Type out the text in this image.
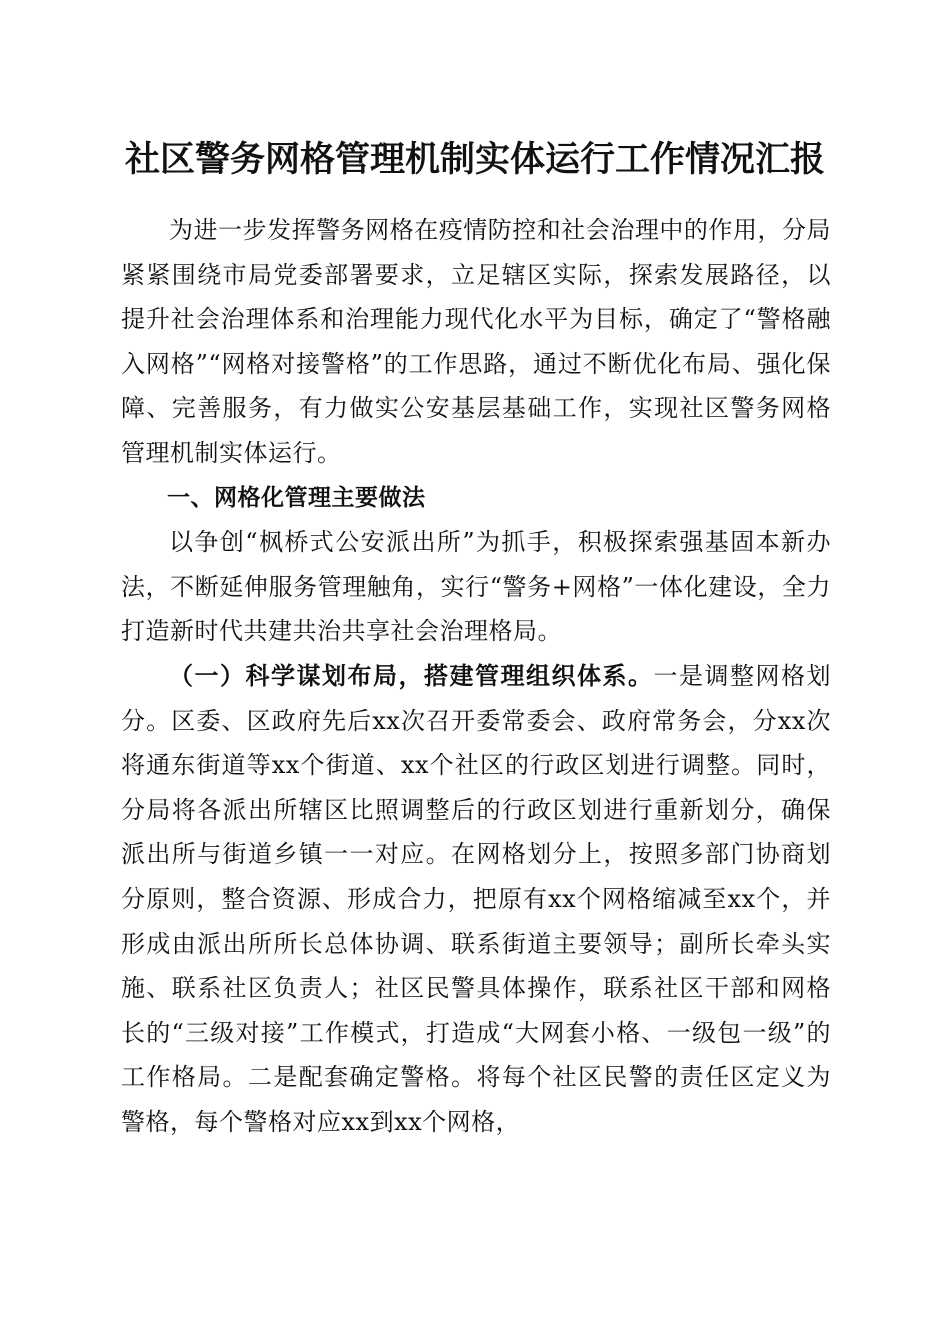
社区警务网格管理机制实体运行工作情况汇报

为进一步发挥警务网格在疫情防控和社会治理中的作用，分局紧紧围绕市局党委部署要求，立足辖区实际，探索发展路径，以提升社会治理体系和治理能力现代化水平为目标，确定了“警格融入网格”“网格对接警格”的工作思路，通过不断优化布局、强化保障、完善服务，有力做实公安基层基础工作，实现社区警务网格管理机制实体运行。

一、网格化管理主要做法

以争创“枫桥式公安派出所”为抓手，积极探索强基固本新办法，不断延伸服务管理触角，实行“警务+网格”一体化建设，全力打造新时代共建共治共享社会治理格局。

（一）科学谋划布局，搭建管理组织体系。一是调整网格划分。区委、区政府先后xx次召开委常委会、政府常务会，分xx次将通东街道等xx个街道、xx个社区的行政区划进行调整。同时，分局将各派出所辖区比照调整后的行政区划进行重新划分，确保派出所与街道乡镇一一对应。在网格划分上，按照多部门协商划分原则，整合资源、形成合力，把原有xx个网格缩减至xx个，并形成由派出所所长总体协调、联系街道主要领导；副所长牵头实施、联系社区负责人；社区民警具体操作，联系社区干部和网格长的“三级对接”工作模式，打造成“大网套小格、一级包一级”的工作格局。二是配套确定警格。将每个社区民警的责任区定义为警格，每个警格对应xx到xx个网格，
